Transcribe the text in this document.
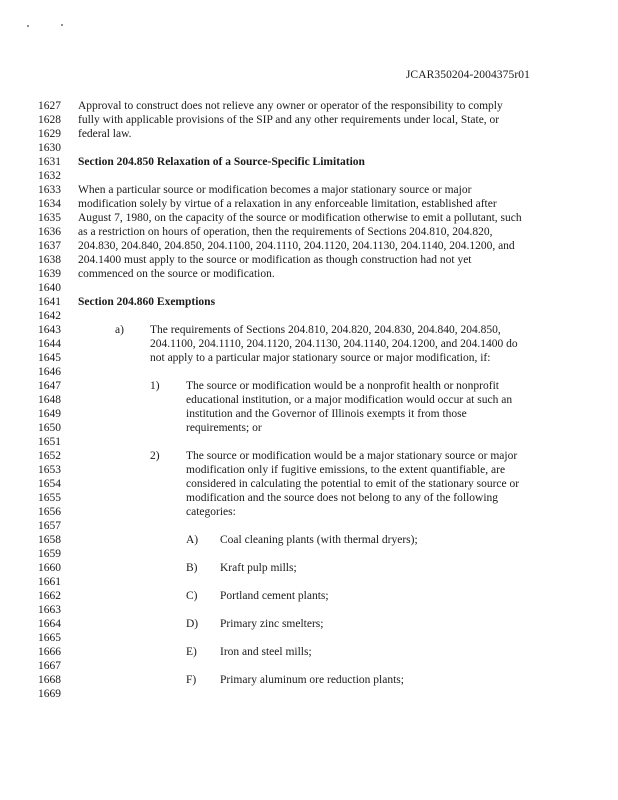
JCAR350204-2004375r01
1627
1628
1629
1630
1631
1632
1633
1634
1635
1636
1637
1638
1639
1640
1641
1642
1643
1644
1645
1646
1647
1648
1649
1650
1651
1652
1653
1654
1655
1656
1657
1658
1659
1660
1661
1662
1663
1664
1665
1666
1667
1668
1669
Approval to construct does not relieve any owner or operator of the responsibility to comply
fully with applicable provisions of the SIP and any other requirements under local, State, or
federal law.
Section 204.850 Relaxation of a Source-Specific Limitation
When a particular source or modification becomes a major stationary source or major
modification solely by virtue of a relaxation in any enforceable limitation, established after
August 7, 1980, on the capacity of the source or modification otherwise to emit a pollutant, such
as a restriction on hours of operation, then the requirements of Sections 204.810, 204.820,
204.830, 204.840, 204.850, 204.1100, 204.1110, 204.1120, 204.1130, 204.1140, 204.1200, and
204.1400 must apply to the source or modification as though construction had not yet
commenced on the source or modification.
Section 204.860 Exemptions
a) The requirements of Sections 204.810, 204.820, 204.830, 204.840, 204.850,
204.1100, 204.1110, 204.1120, 204.1130, 204.1140, 204.1200, and 204.1400 do
not apply to a particular major stationary source or major modification, if:
1) The source or modification would be a nonprofit health or nonprofit
educational institution, or a major modification would occur at such an
institution and the Governor of Illinois exempts it from those
requirements; or
2) The source or modification would be a major stationary source or major
modification only if fugitive emissions, to the extent quantifiable, are
considered in calculating the potential to emit of the stationary source or
modification and the source does not belong to any of the following
categories:
A) Coal cleaning plants (with thermal dryers);
B) Kraft pulp mills;
C) Portland cement plants;
D) Primary zinc smelters;
E) Iron and steel mills;
F) Primary aluminum ore reduction plants;
